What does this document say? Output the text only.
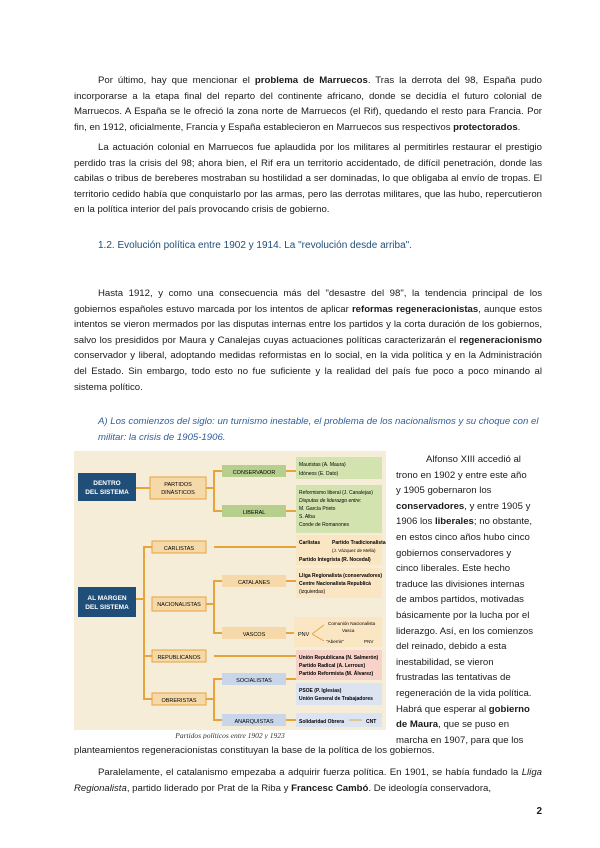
Por último, hay que mencionar el problema de Marruecos. Tras la derrota del 98, España pudo incorporarse a la etapa final del reparto del continente africano, donde se decidía el futuro colonial de Marruecos. A España se le ofreció la zona norte de Marruecos (el Rif), quedando el resto para Francia. Por fin, en 1912, oficialmente, Francia y España establecieron en Marruecos sus respectivos protectorados.

La actuación colonial en Marruecos fue aplaudida por los militares al permitirles restaurar el prestigio perdido tras la crisis del 98; ahora bien, el Rif era un territorio accidentado, de difícil penetración, donde las cabilas o tribus de bereberes mostraban su hostilidad a ser dominadas, lo que obligaba al envío de tropas. El territorio cedido había que conquistarlo por las armas, pero las derrotas militares, que las hubo, repercutieron en la política interior del país provocando crisis de gobierno.

1.2. Evolución política entre 1902 y 1914. La "revolución desde arriba".

Hasta 1912, y como una consecuencia más del "desastre del 98", la tendencia principal de los gobiernos españoles estuvo marcada por los intentos de aplicar reformas regeneracionistas, aunque estos intentos se vieron mermados por las disputas internas entre los partidos y la corta duración de los gobiernos, salvo los presididos por Maura y Canalejas cuyas actuaciones políticas caracterizarán el regeneracionismo conservador y liberal, adoptando medidas reformistas en lo social, en la vida política y en la Administración del Estado. Sin embargo, todo esto no fue suficiente y la realidad del país fue poco a poco minando al sistema político.

A) Los comienzos del siglo: un turnismo inestable, el problema de los nacionalismos y su choque con el militar: la crisis de 1905-1906.

DENTRO
DEL SISTEMA
AL MARGEN
DEL SISTEMA
PARTIDOS
DINÁSTICOS
CARLISTAS
NACIONALISTAS
REPUBLICANOS
OBRERISTAS
CONSERVADOR
LIBERAL
CATALANES
VASCOS
SOCIALISTAS
ANARQUISTAS
Mauristas (A. Maura)
Idóneos (E. Dato)
Reformismo liberal (J. Canalejas)
Disputas de liderazgo entre:
M. García Prieto
S. Alba
Conde de Romanones
Carlistas Partido Tradicionalista
(J. Vázquez de Mella)
Partido Integrista (R. Nocedal)
Lliga Regionalista (conservadores)
Centre Nacionalista Republicà
(izquierdas)
PNV
Comunión Nacionalista
Vasca
"Aberris"	PNV
Unión Republicana (N. Salmerón)
Partido Radical (A. Lerroux)
Partido Reformista (M. Álvarez)
PSOE (P. Iglesias)
Unión General de Trabajadores
Solidaridad Obrera	CNT
Partidos políticos entre 1902 y 1923
Alfonso XIII accedió al
trono en 1902 y entre este año
y 1905 gobernaron los
conservadores, y entre 1905 y
1906 los liberales; no obstante,
en estos cinco años hubo cinco
gobiernos conservadores y
cinco liberales. Este hecho
traduce las divisiones internas
de ambos partidos, motivadas
básicamente por la lucha por el
liderazgo. Así, en los comienzos
del reinado, debido a esta
inestabilidad, se vieron
frustradas las tentativas de
regeneración de la vida política.
Habrá que esperar al gobierno
de Maura, que se puso en
marcha en 1907, para que los

planteamientos regeneracionistas constituyan la base de la política de los gobiernos.

Paralelamente, el catalanismo empezaba a adquirir fuerza política. En 1901, se había fundado la Lliga Regionalista, partido liderado por Prat de la Riba y Francesc Cambó. De ideología conservadora,

2
